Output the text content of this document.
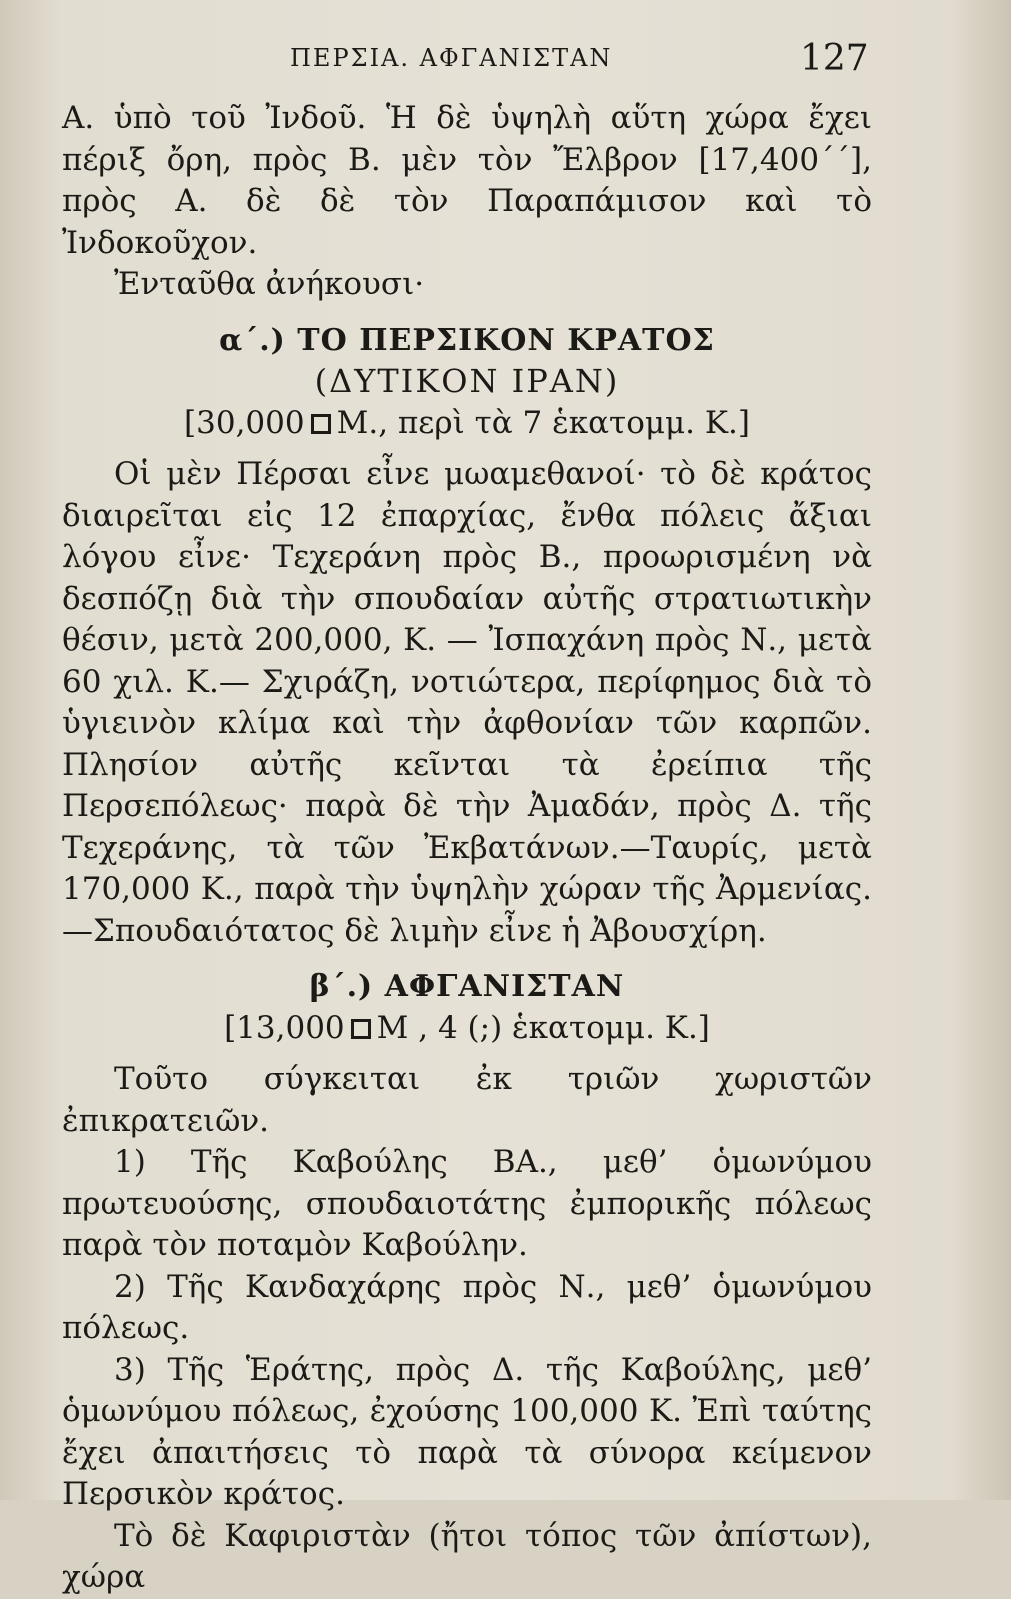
ΠΕΡΣΙΑ. ΑΦΓΑΝΙΣΤΑΝ	127

Α. ὑπὸ τοῦ Ἰνδοῦ. Ἡ δὲ ὑψηλὴ αὕτη χώρα ἔχει πέριξ ὄρη, πρὸς Β. μὲν τὸν Ἔλβρον [17,400΄΄], πρὸς Α. δὲ δὲ τὸν Παραπάμισον καὶ τὸ Ἰνδοκοῦχον.

Ἐνταῦθα ἀνήκουσι·

α΄.) ΤΟ ΠΕΡΣΙΚΟΝ ΚΡΑΤΟΣ

(ΔΥΤΙΚΟΝ ΙΡΑΝ)

[30,000 Μ., περὶ τὰ 7 ἑκατομμ. Κ.]

Οἱ μὲν Πέρσαι εἶνε μωαμεθανοί· τὸ δὲ κράτος διαιρεῖται εἰς 12 ἐπαρχίας, ἔνθα πόλεις ἄξιαι λόγου εἶνε· Τεχεράνη πρὸς Β., προωρισμένη νὰ δεσπόζῃ διὰ τὴν σπουδαίαν αὐτῆς στρατιωτικὴν θέσιν, μετὰ 200,000, Κ. — Ἰσπαχάνη πρὸς Ν., μετὰ 60 χιλ. Κ.— Σχιράζη, νοτιώτερα, περίφημος διὰ τὸ ὑγιεινὸν κλίμα καὶ τὴν ἀφθονίαν τῶν καρπῶν. Πλησίον αὐτῆς κεῖνται τὰ ἐρείπια τῆς Περσεπόλεως· παρὰ δὲ τὴν Ἀμαδάν, πρὸς Δ. τῆς Τεχεράνης, τὰ τῶν Ἐκβατάνων.—Ταυρίς, μετὰ 170,000 Κ., παρὰ τὴν ὑψηλὴν χώραν τῆς Ἀρμενίας.—Σπουδαιότατος δὲ λιμὴν εἶνε ἡ Ἀβουσχίρη.

β΄.) ΑΦΓΑΝΙΣΤΑΝ

[13,000 Μ , 4 (;) ἑκατομμ. Κ.]

Τοῦτο σύγκειται ἐκ τριῶν χωριστῶν ἐπικρατειῶν.

1) Τῆς Καβούλης ΒΑ., μεθ’ ὁμωνύμου πρωτευούσης, σπουδαιοτάτης ἐμπορικῆς πόλεως παρὰ τὸν ποταμὸν Καβούλην.

2) Τῆς Κανδαχάρης πρὸς Ν., μεθ’ ὁμωνύμου πόλεως.

3) Τῆς Ἑράτης, πρὸς Δ. τῆς Καβούλης, μεθ’ ὁμωνύμου πόλεως, ἐχούσης 100,000 Κ. Ἐπὶ ταύτης ἔχει ἀπαιτήσεις τὸ παρὰ τὰ σύνορα κείμενον Περσικὸν κράτος.

Τὸ δὲ Καφιριστὰν (ἤτοι τόπος τῶν ἀπίστων), χώρα
